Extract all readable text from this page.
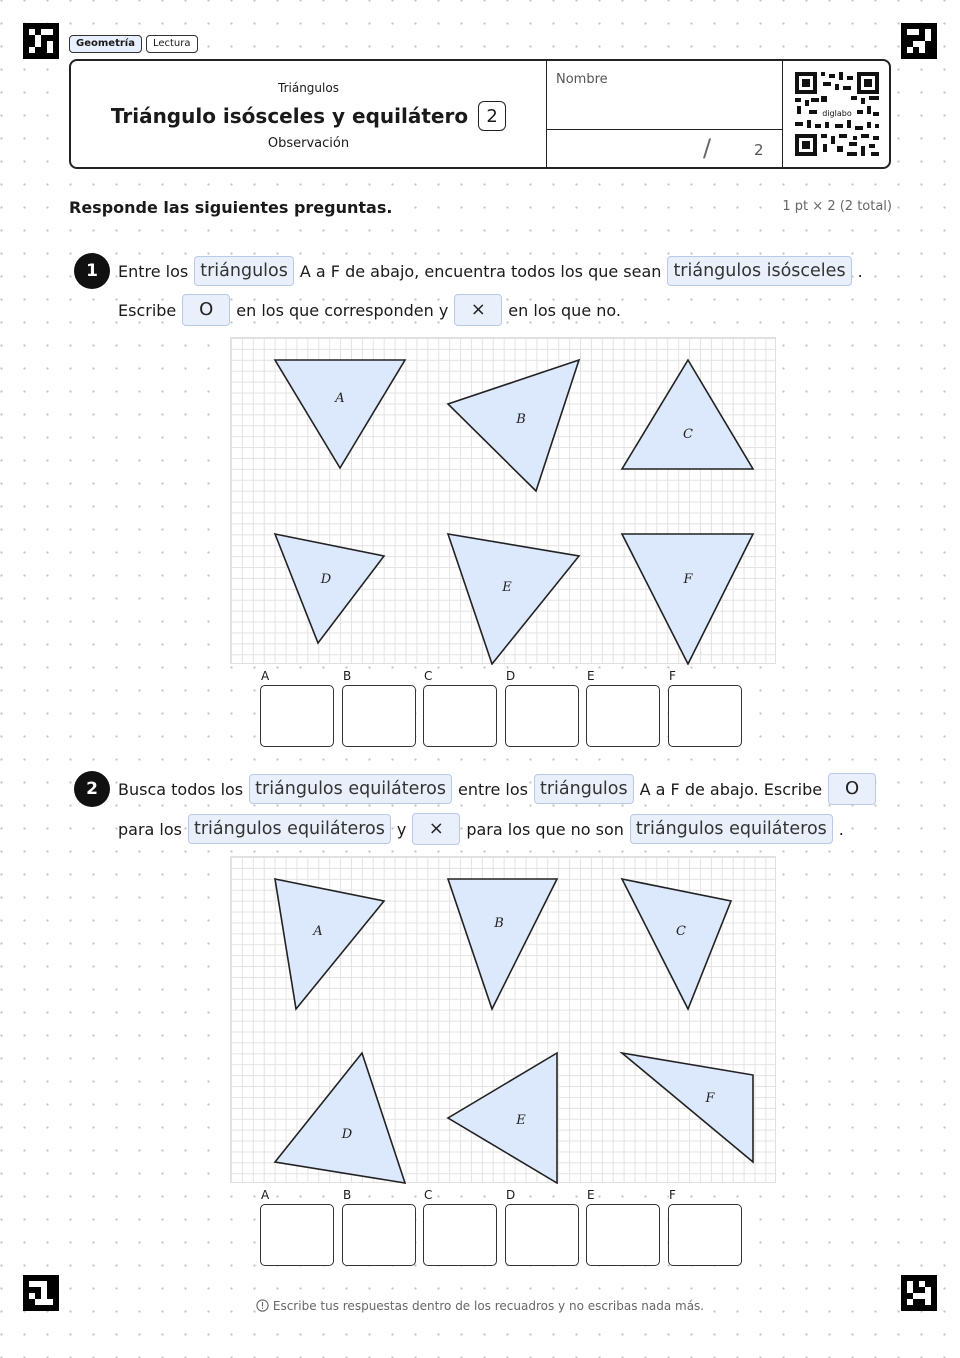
Geometría	Lectura
Triángulos
Triángulo isósceles y equilátero	2
Observación
Nombre
/	2
diglabo
Responde las siguientes preguntas.	1 pt × 2 (2 total)
1	Entre los triángulos A a F de abajo, encuentra todos los que sean triángulos isósceles .
Escribe	O	en los que corresponden y	×	en los que no.
A
B
C
D
E
F
A	B	C	D	E	F
2	Busca todos los triángulos equiláteros entre los triángulos A a F de abajo. Escribe	O
para los triángulos equiláteros y	×	para los que no son triángulos equiláteros .
A
B
C
D
E
F
A	B	C	D	E	F
Escribe tus respuestas dentro de los recuadros y no escribas nada más.
